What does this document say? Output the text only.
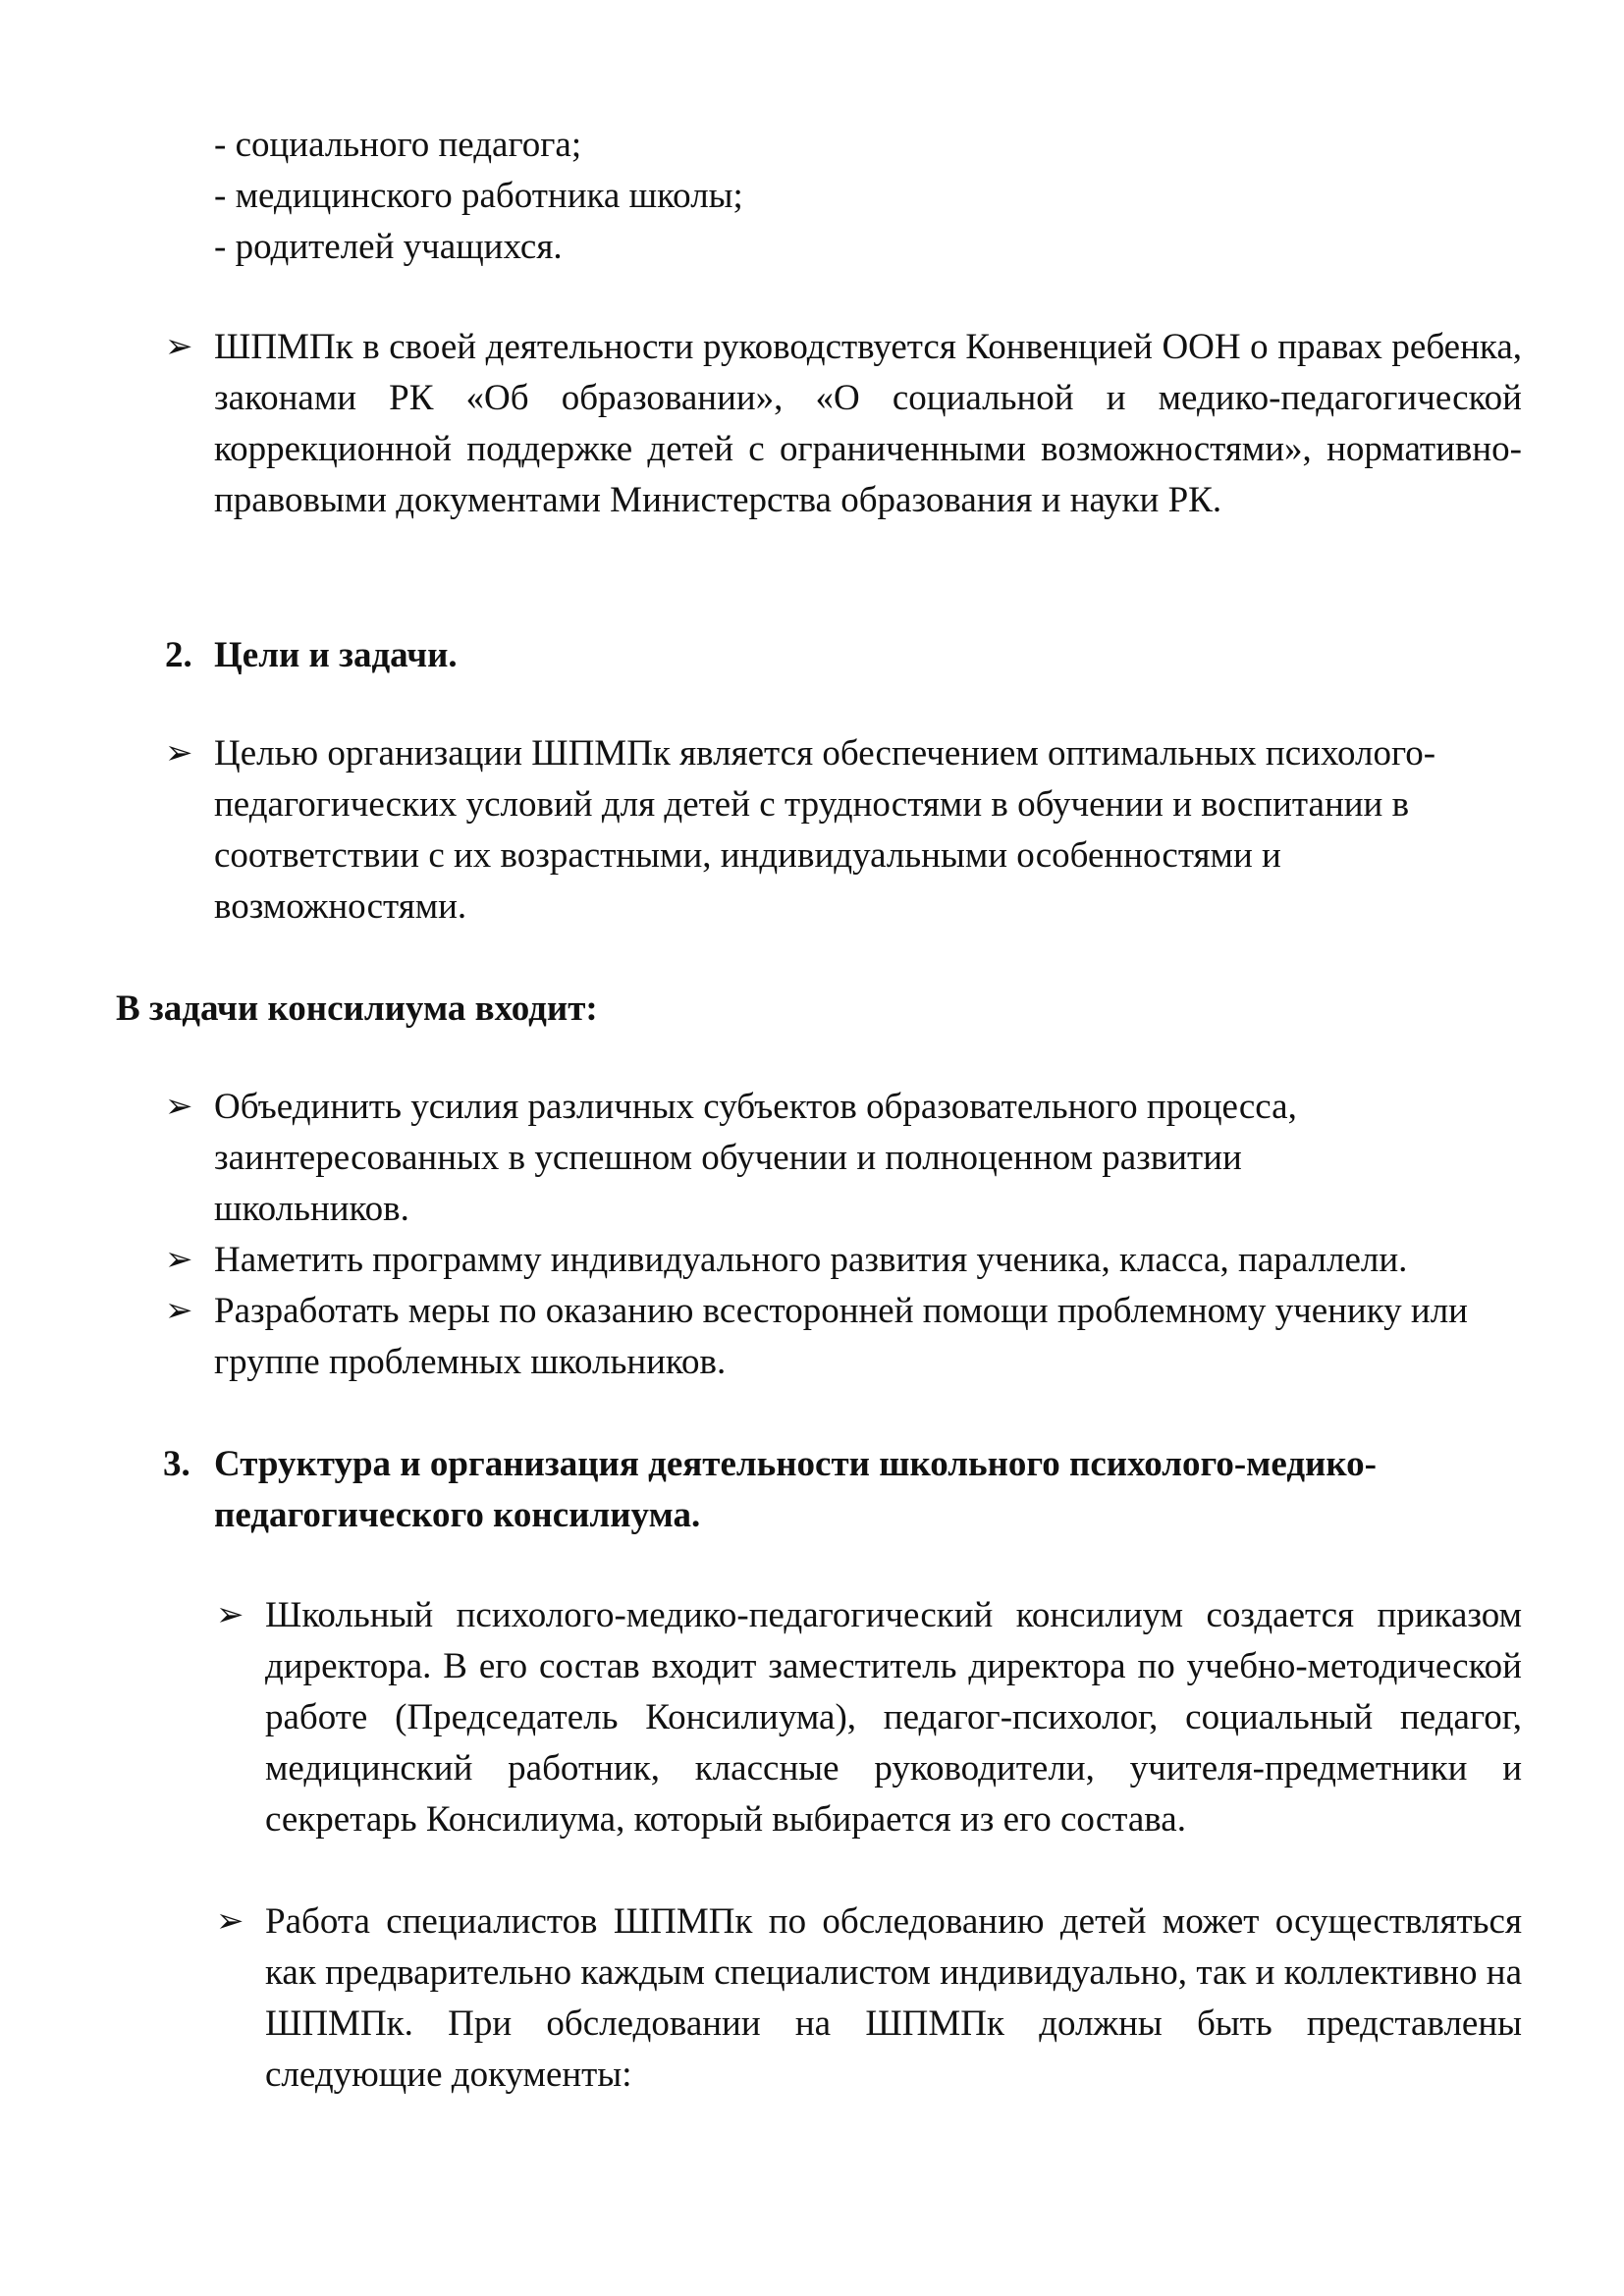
- социального педагога;
- медицинского работника школы;
- родителей учащихся.
➢ ШПМПк в своей деятельности руководствуется Конвенцией ООН о правах ребенка, законами РК «Об образовании», «О социальной и медико-педагогической коррекционной поддержке детей с ограниченными возможностями», нормативно-правовыми документами Министерства образования и науки РК.
2. Цели и задачи.
➢ Целью организации ШПМПк является обеспечением оптимальных психолого-педагогических условий для детей с трудностями в обучении и воспитании в соответствии с их возрастными, индивидуальными особенностями и возможностями.
В задачи консилиума входит:
➢ Объединить усилия различных субъектов образовательного процесса, заинтересованных в успешном обучении и полноценном развитии школьников.
➢ Наметить программу индивидуального развития ученика, класса, параллели.
➢ Разработать меры по оказанию всесторонней помощи проблемному ученику или группе проблемных школьников.
3. Структура и организация деятельности школьного психолого-медико-педагогического консилиума.
➢ Школьный психолого-медико-педагогический консилиум создается приказом директора. В его состав входит заместитель директора по учебно-методической работе (Председатель Консилиума), педагог-психолог, социальный педагог, медицинский работник, классные руководители, учителя-предметники и секретарь Консилиума, который выбирается из его состава.
➢ Работа специалистов ШПМПк по обследованию детей может осуществляться как предварительно каждым специалистом индивидуально, так и коллективно на ШПМПк. При обследовании на ШПМПк должны быть представлены следующие документы:
